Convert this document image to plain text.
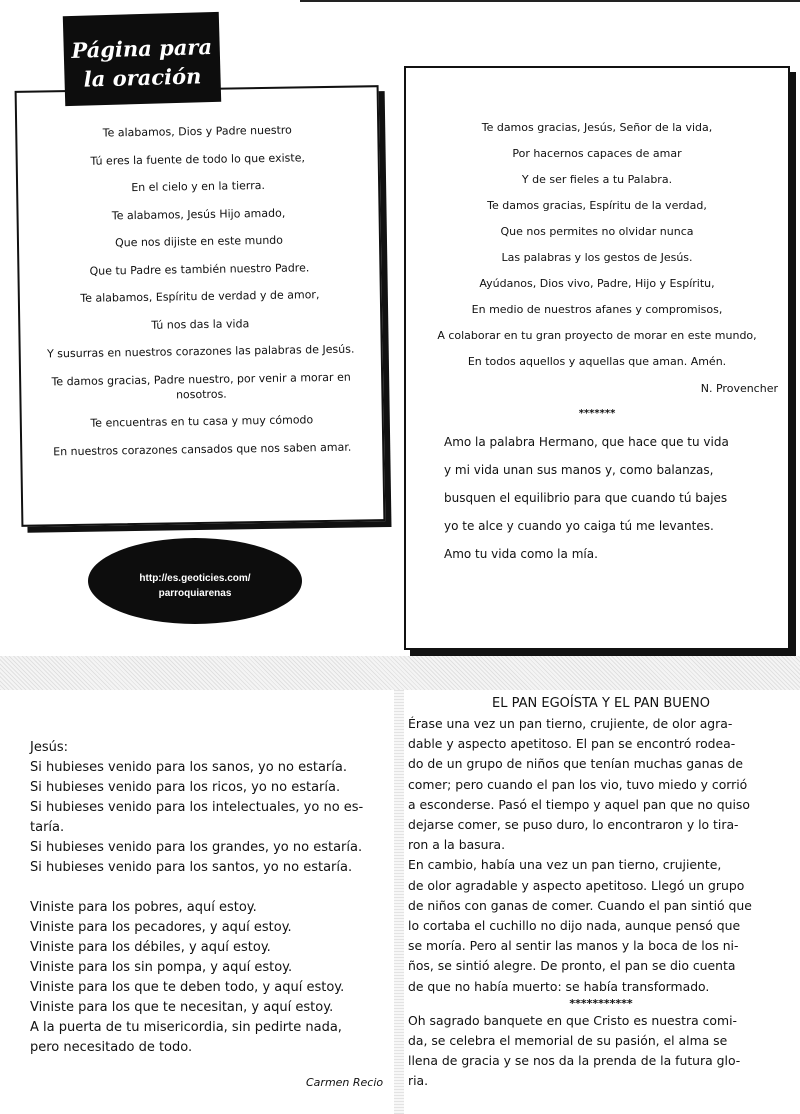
Te alabamos, Dios y Padre nuestro

Tú eres la fuente de todo lo que existe,

En el cielo y en la tierra.

Te alabamos, Jesús Hijo amado,

Que nos dijiste en este mundo

Que tu Padre es también nuestro Padre.

Te alabamos, Espíritu de verdad y de amor,

Tú nos das la vida

Y susurras en nuestros corazones las palabras de Jesús.

Te damos gracias, Padre nuestro, por venir a morar en nosotros.

Te encuentras en tu casa y muy cómodo

En nuestros corazones cansados que nos saben amar.

Página para
la oración
http://es.geoticies.com/
parroquiarenas

Te damos gracias, Jesús, Señor de la vida,

Por hacernos capaces de amar

Y de ser fieles a tu Palabra.

Te damos gracias, Espíritu de la verdad,

Que nos permites no olvidar nunca

Las palabras y los gestos de Jesús.

Ayúdanos, Dios vivo, Padre, Hijo y Espíritu,

En medio de nuestros afanes y compromisos,

A colaborar en tu gran proyecto de morar en este mundo,

En todos aquellos y aquellas que aman. Amén.

N. Provencher
*******

Amo la palabra Hermano, que hace que tu vida

y mi vida unan sus manos y, como balanzas,

busquen el equilibrio para que cuando tú bajes

yo te alce y cuando yo caiga tú me levantes.

Amo tu vida como la mía.

Jesús:

Si hubieses venido para los sanos, yo no estaría.

Si hubieses venido para los ricos, yo no estaría.

Si hubieses venido para los intelectuales, yo no es-

taría.

Si hubieses venido para los grandes, yo no estaría.

Si hubieses venido para los santos, yo no estaría.

Viniste para los pobres, aquí estoy.

Viniste para los pecadores, y aquí estoy.

Viniste para los débiles, y aquí estoy.

Viniste para los sin pompa, y aquí estoy.

Viniste para los que te deben todo, y aquí estoy.

Viniste para los que te necesitan, y aquí estoy.

A la puerta de tu misericordia, sin pedirte nada,

pero necesitado de todo.

Carmen Recio

EL PAN EGOÍSTA Y EL PAN BUENO

Érase una vez un pan tierno, crujiente, de olor agra-

dable y aspecto apetitoso. El pan se encontró rodea-

do de un grupo de niños que tenían muchas ganas de

comer; pero cuando el pan los vio, tuvo miedo y corrió

a esconderse. Pasó el tiempo y aquel pan que no quiso

dejarse comer, se puso duro, lo encontraron y lo tira-

ron a la basura.

En cambio, había una vez un pan tierno, crujiente,

de olor agradable y aspecto apetitoso. Llegó un grupo

de niños con ganas de comer. Cuando el pan sintió que

lo cortaba el cuchillo no dijo nada, aunque pensó que

se moría. Pero al sentir las manos y la boca de los ni-

ños, se sintió alegre. De pronto, el pan se dio cuenta

de que no había muerto: se había transformado.

***********

Oh sagrado banquete en que Cristo es nuestra comi-

da, se celebra el memorial de su pasión, el alma se

llena de gracia y se nos da la prenda de la futura glo-

ria.
